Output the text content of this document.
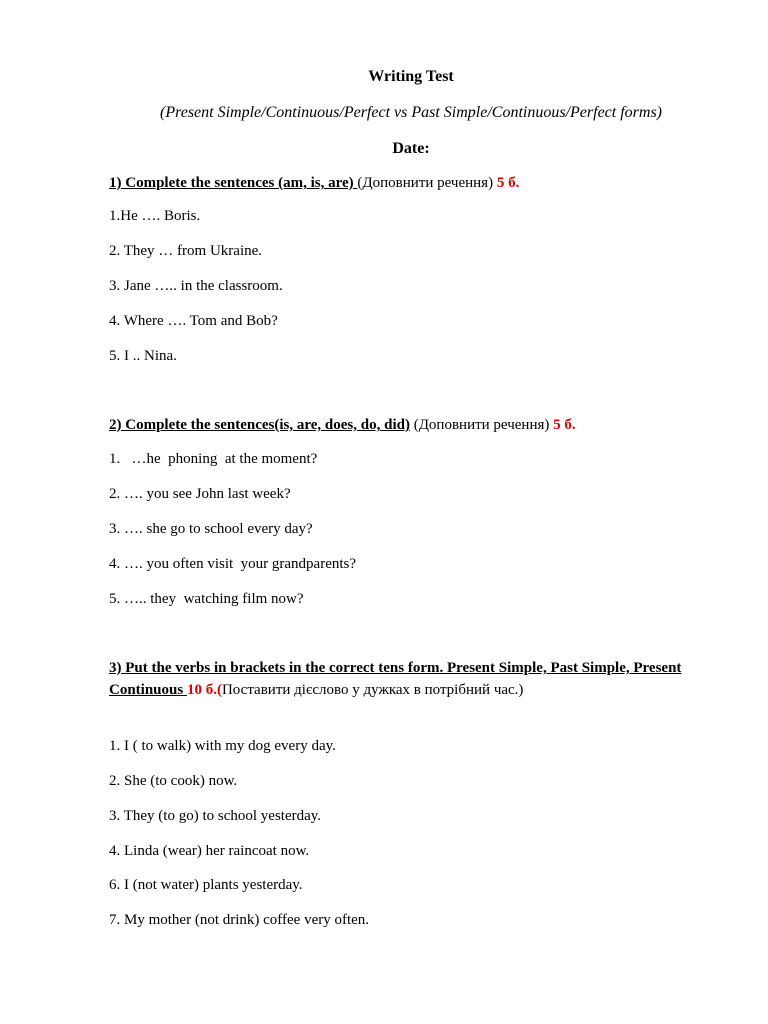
Writing Test
(Present Simple/Continuous/Perfect vs Past Simple/Continuous/Perfect forms)
Date:
1) Complete the sentences (am, is, are) (Доповнити речення) 5 б.
1.He …. Boris.
2. They … from Ukraine.
3. Jane ….. in the classroom.
4. Where …. Tom and Bob?
5. I .. Nina.
2) Complete the sentences(is, are, does, do, did) (Доповнити речення) 5 б.
1.   …he  phoning  at the moment?
2. …. you see John last week?
3. …. she go to school every day?
4. …. you often visit  your grandparents?
5. ….. they  watching film now?
3) Put the verbs in brackets in the correct tens form. Present Simple, Past Simple, Present Continuous 10 б.(Поставити дієслово у дужках в потрібний час.)
1. I ( to walk) with my dog every day.
2. She (to cook) now.
3. They (to go) to school yesterday.
4. Linda (wear) her raincoat now.
6. I (not water) plants yesterday.
7. My mother (not drink) coffee very often.
